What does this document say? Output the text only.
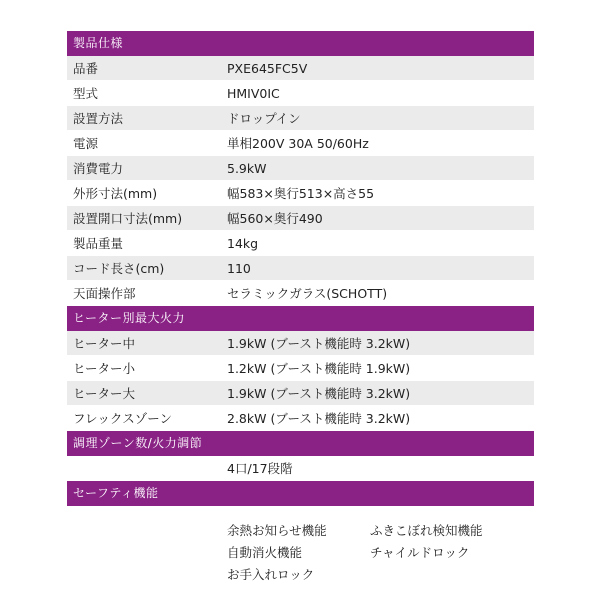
製品仕様
品番	PXE645FC5V
型式	HMIV0IC
設置方法	ドロップイン
電源	単相200V 30A 50/60Hz
消費電力	5.9kW
外形寸法(mm)	幅583×奥行513×高さ55
設置開口寸法(mm)	幅560×奥行490
製品重量	14kg
コード長さ(cm)	110
天面操作部	セラミックガラス(SCHOTT)
ヒーター別最大火力
ヒーター中	1.9kW (ブースト機能時 3.2kW)
ヒーター小	1.2kW (ブースト機能時 1.9kW)
ヒーター大	1.9kW (ブースト機能時 3.2kW)
フレックスゾーン	2.8kW (ブースト機能時 3.2kW)
調理ゾーン数/火力調節
4口/17段階
セーフティ機能
余熱お知らせ機能	ふきこぼれ検知機能
自動消火機能	チャイルドロック
お手入れロック
